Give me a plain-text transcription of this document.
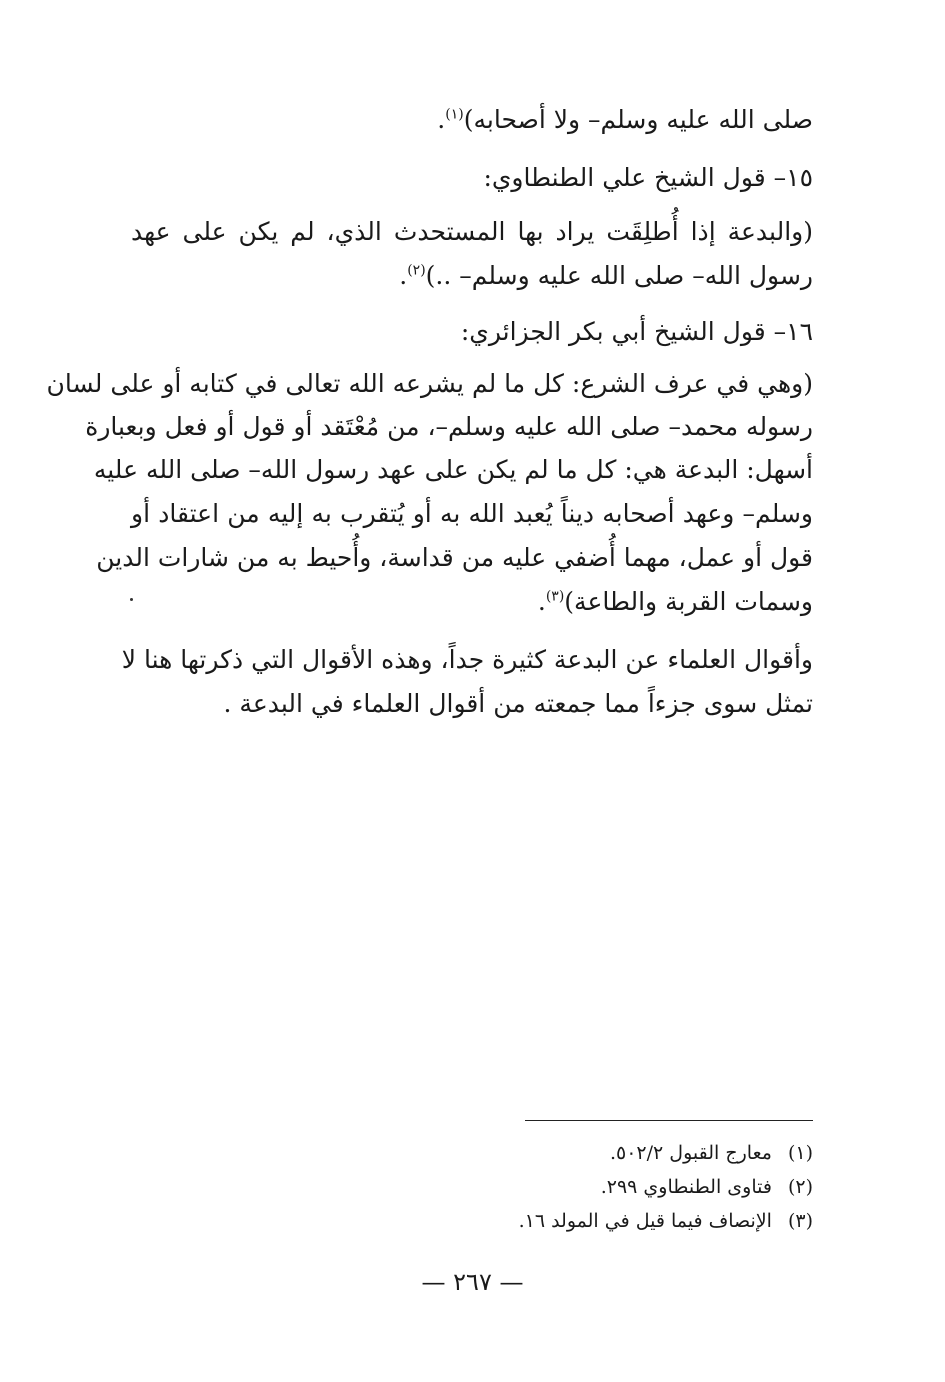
صلى الله عليه وسلم– ولا أصحابه)$^{(١)}$.
١٥– قول الشيخ علي الطنطاوي:
(والبدعة إذا أُطلِقَت يراد بها المستحدث الذي، لم يكن على عهد
رسول الله– صلى الله عليه وسلم– ..)$^{(٢)}$.
١٦– قول الشيخ أبي بكر الجزائري:
(وهي في عرف الشرع: كل ما لم يشرعه الله تعالى في كتابه أو على لسان
رسوله محمد– صلى الله عليه وسلم–، من مُعْتَقد أو قول أو فعل وبعبارة
أسهل: البدعة هي: كل ما لم يكن على عهد رسول الله– صلى الله عليه
وسلم– وعهد أصحابه ديناً يُعبد الله به أو يُتقرب به إليه من اعتقاد أو
قول أو عمل، مهما أُضفي عليه من قداسة، وأُحيط به من شارات الدين
وسمات القربة والطاعة)$^{(٣)}$.
وأقوال العلماء عن البدعة كثيرة جداً، وهذه الأقوال التي ذكرتها هنا لا
تمثل سوى جزءاً مما جمعته من أقوال العلماء في البدعة .
(١)معارج القبول ٥٠٢/٢.
(٢)فتاوى الطنطاوي ٢٩٩.
(٣)الإنصاف فيما قيل في المولد ١٦.
— ٢٦٧ —
